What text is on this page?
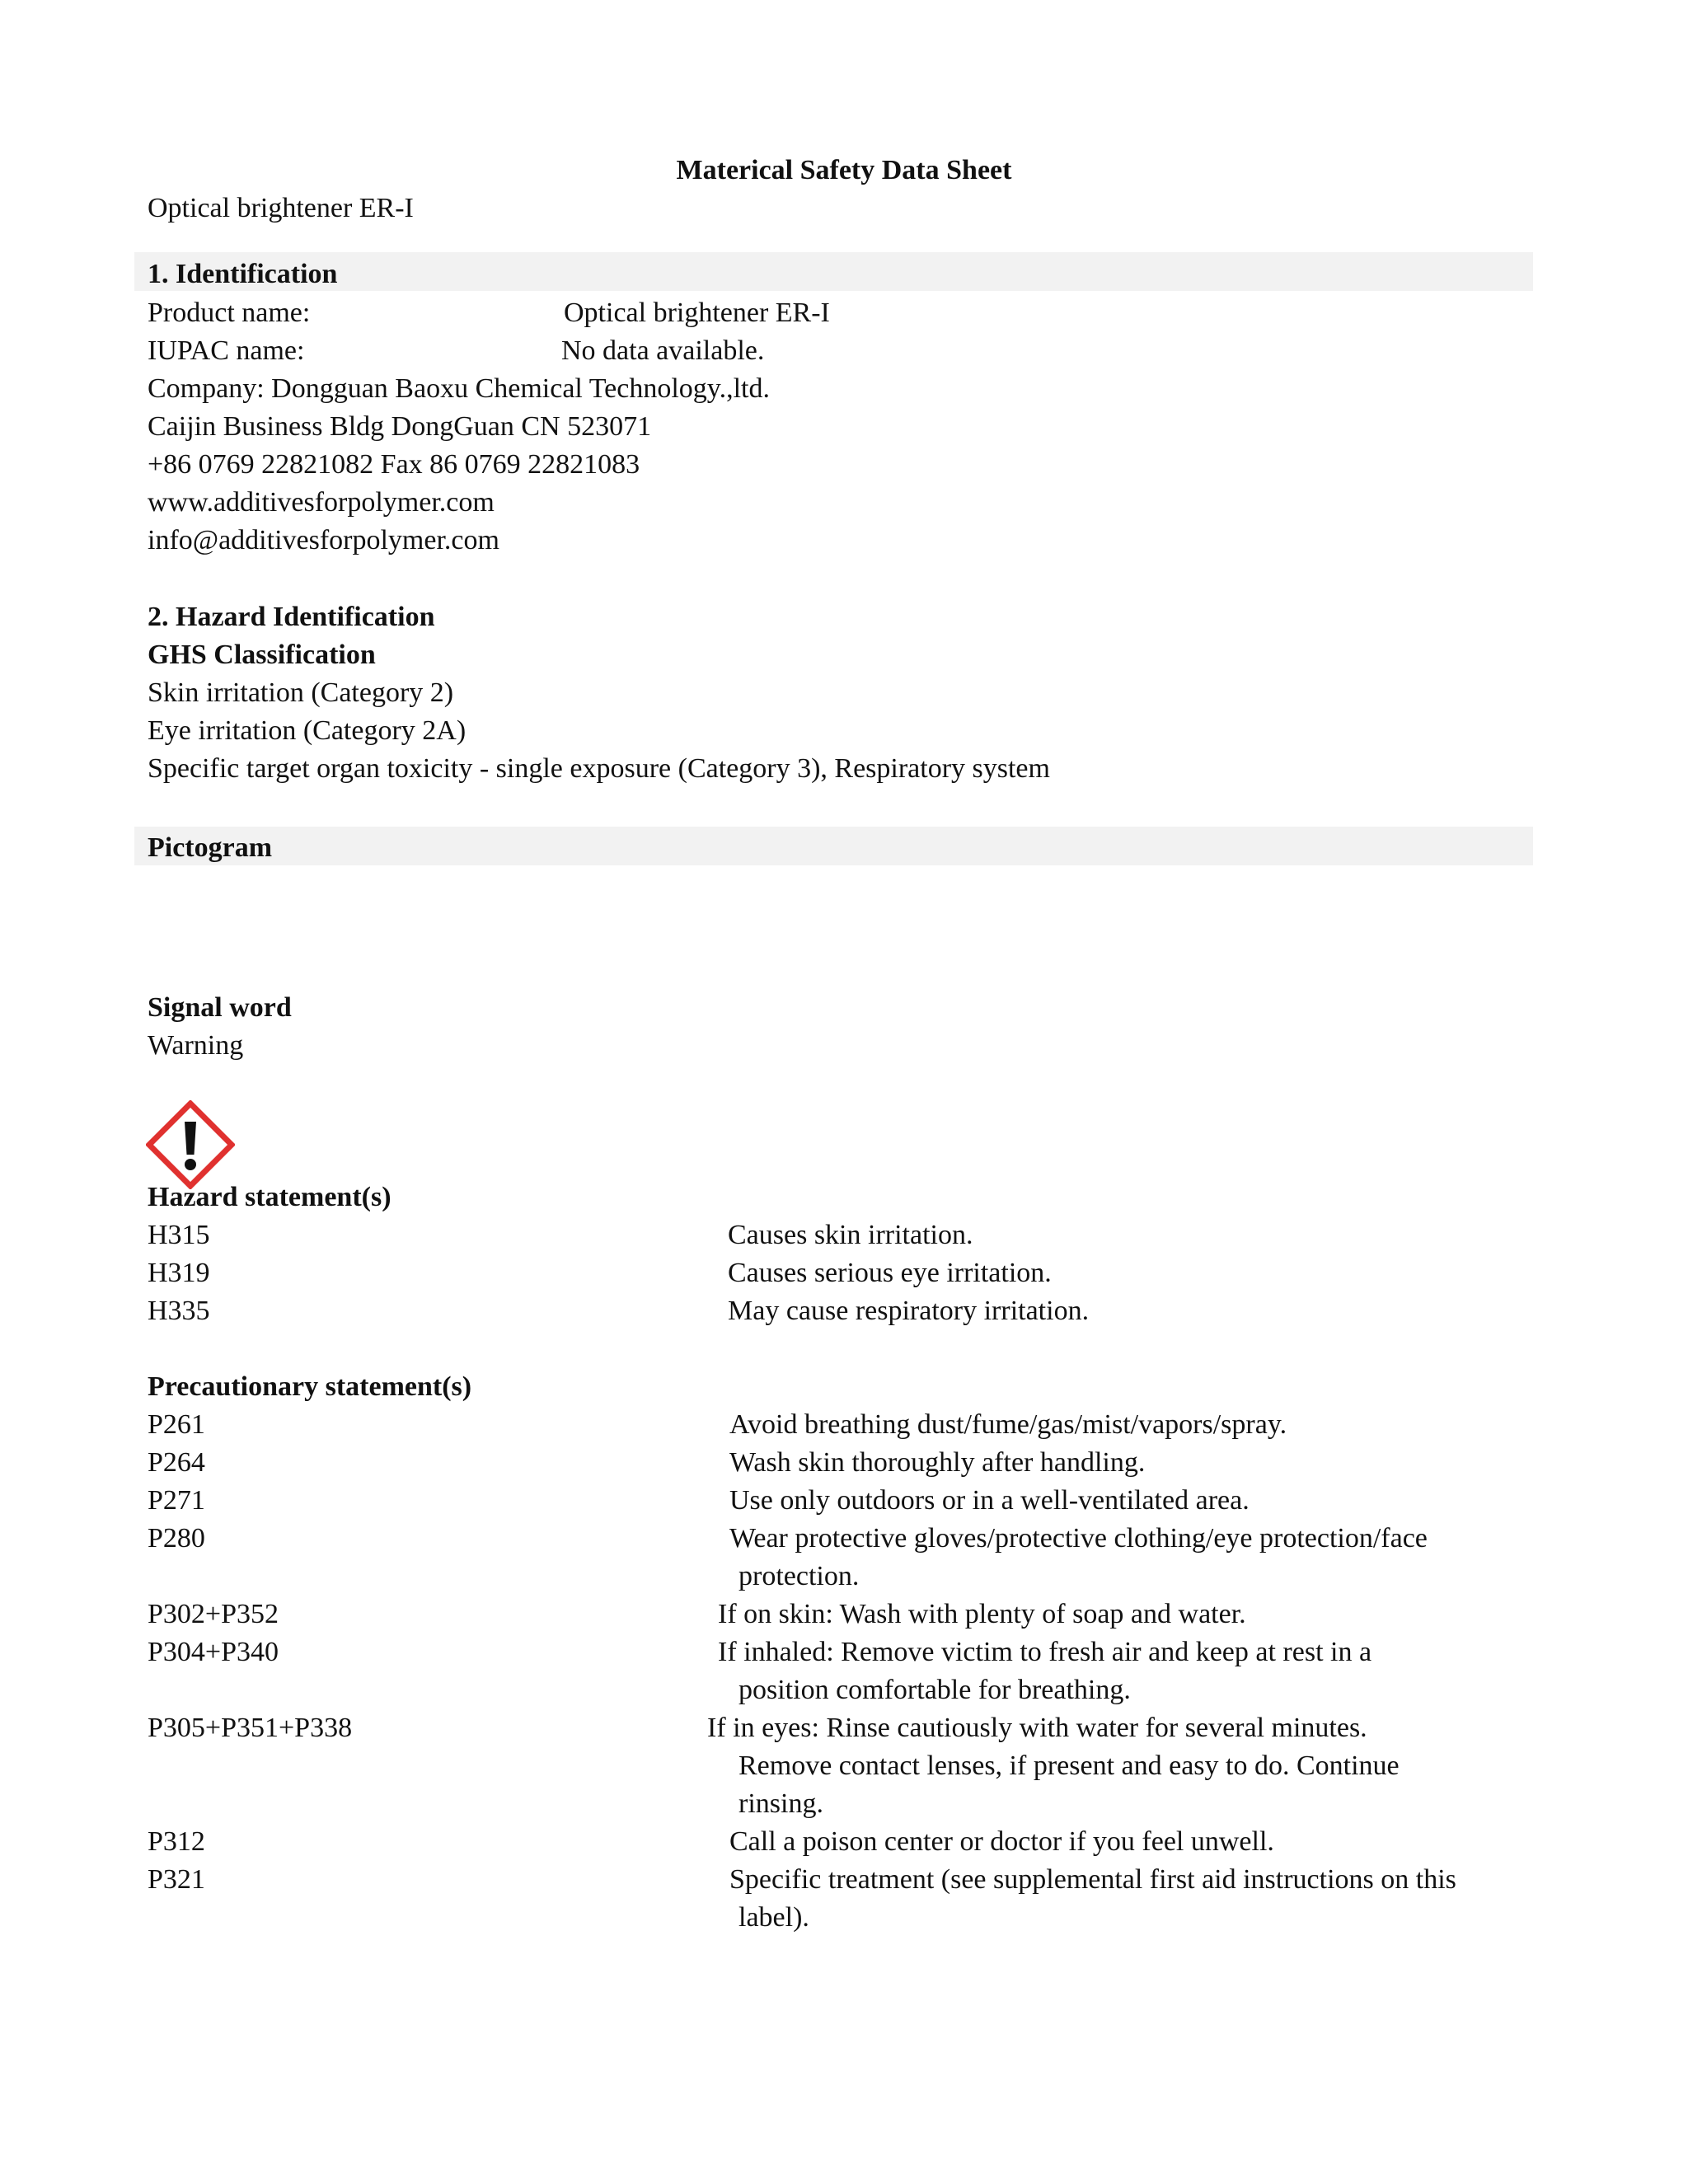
Materical Safety Data Sheet
Optical brightener ER-I
1. Identification
Product name:	Optical brightener ER-I
IUPAC name:	No data available.
Company: Dongguan Baoxu Chemical Technology.,ltd.
Caijin Business Bldg DongGuan CN 523071
+86 0769 22821082 Fax 86 0769 22821083
www.additivesforpolymer.com
info@additivesforpolymer.com
2. Hazard Identification
GHS Classification
Skin irritation (Category 2)
Eye irritation (Category 2A)
Specific target organ toxicity - single exposure (Category 3), Respiratory system
Pictogram
Signal word
Warning
Hazard statement(s)
H315	Causes skin irritation.
H319	Causes serious eye irritation.
H335	May cause respiratory irritation.
Precautionary statement(s)
P261	Avoid breathing dust/fume/gas/mist/vapors/spray.
P264	Wash skin thoroughly after handling.
P271	Use only outdoors or in a well-ventilated area.
P280	Wear protective gloves/protective clothing/eye protection/face
protection.
P302+P352	If on skin: Wash with plenty of soap and water.
P304+P340	If inhaled: Remove victim to fresh air and keep at rest in a
position comfortable for breathing.
P305+P351+P338	If in eyes: Rinse cautiously with water for several minutes.
Remove contact lenses, if present and easy to do. Continue
rinsing.
P312	Call a poison center or doctor if you feel unwell.
P321	Specific treatment (see supplemental first aid instructions on this
label).
